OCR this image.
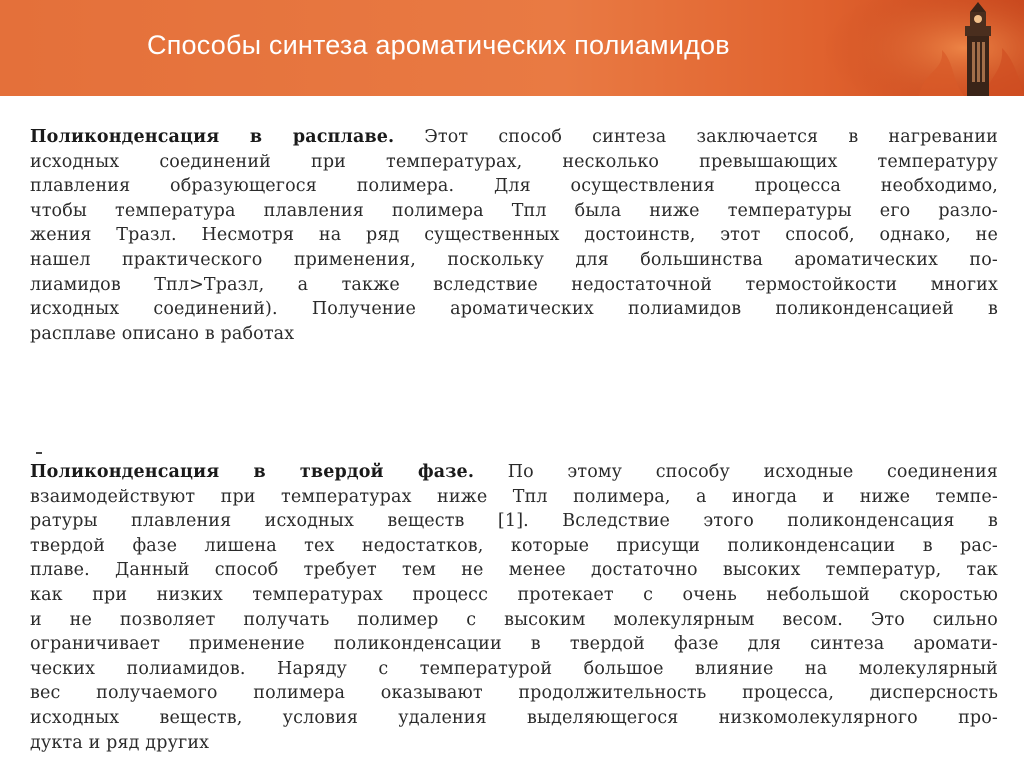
Способы синтеза ароматических полиамидов
Поликонденсация в расплаве. Этот способ синтеза заключается в нагревании
исходных соединений при температурах, несколько превышающих температуру
плавления образующегося полимера. Для осуществления процесса необходимо,
чтобы температура плавления полимера Tпл была ниже температуры его разло-
жения Tразл. Несмотря на ряд существенных достоинств, этот способ, однако, не
нашел практического применения, поскольку для большинства ароматических по-
лиамидов Tпл>Tразл, а также вследствие недостаточной термостойкости многих
исходных соединений). Получение ароматических полиамидов поликонденсацией в
расплаве описано в работах
Поликонденсация в твердой фазе. По этому способу исходные соединения
взаимодействуют при температурах ниже Tпл полимера, а иногда и ниже темпе-
ратуры плавления исходных веществ [1]. Вследствие этого поликонденсация в
твердой фазе лишена тех недостатков, которые присущи поликонденсации в рас-
плаве. Данный способ требует тем не менее достаточно высоких температур, так
как при низких температурах процесс протекает с очень небольшой скоростью
и не позволяет получать полимер с высоким молекулярным весом. Это сильно
ограничивает применение поликонденсации в твердой фазе для синтеза аромати-
ческих полиамидов. Наряду с температурой большое влияние на молекулярный
вес получаемого полимера оказывают продолжительность процесса, дисперсность
исходных веществ, условия удаления выделяющегося низкомолекулярного про-
дукта и ряд других
